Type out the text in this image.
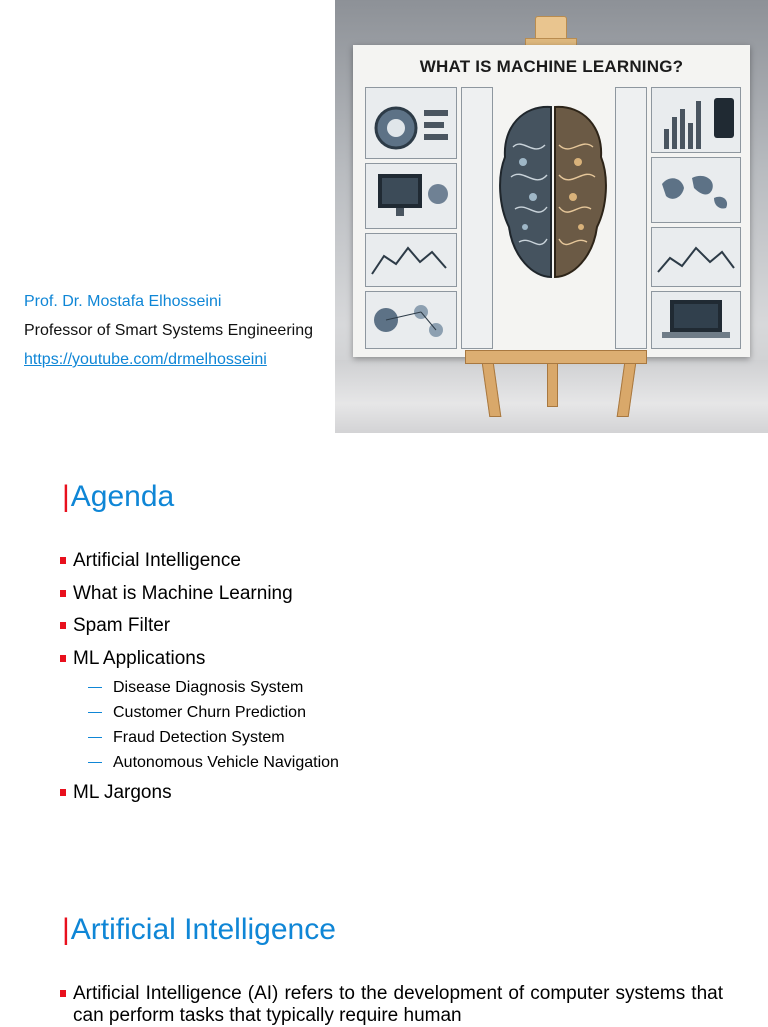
Prof. Dr. Mostafa Elhosseini
Professor of Smart Systems Engineering
https://youtube.com/drmelhosseini
WHAT IS MACHINE LEARNING?
|Agenda
Artificial Intelligence
What is Machine Learning
Spam Filter
ML Applications
Disease Diagnosis System
Customer Churn Prediction
Fraud Detection System
Autonomous Vehicle Navigation
ML Jargons
|Artificial Intelligence
Artificial Intelligence (AI) refers to the development of computer systems that can perform tasks that typically require human
